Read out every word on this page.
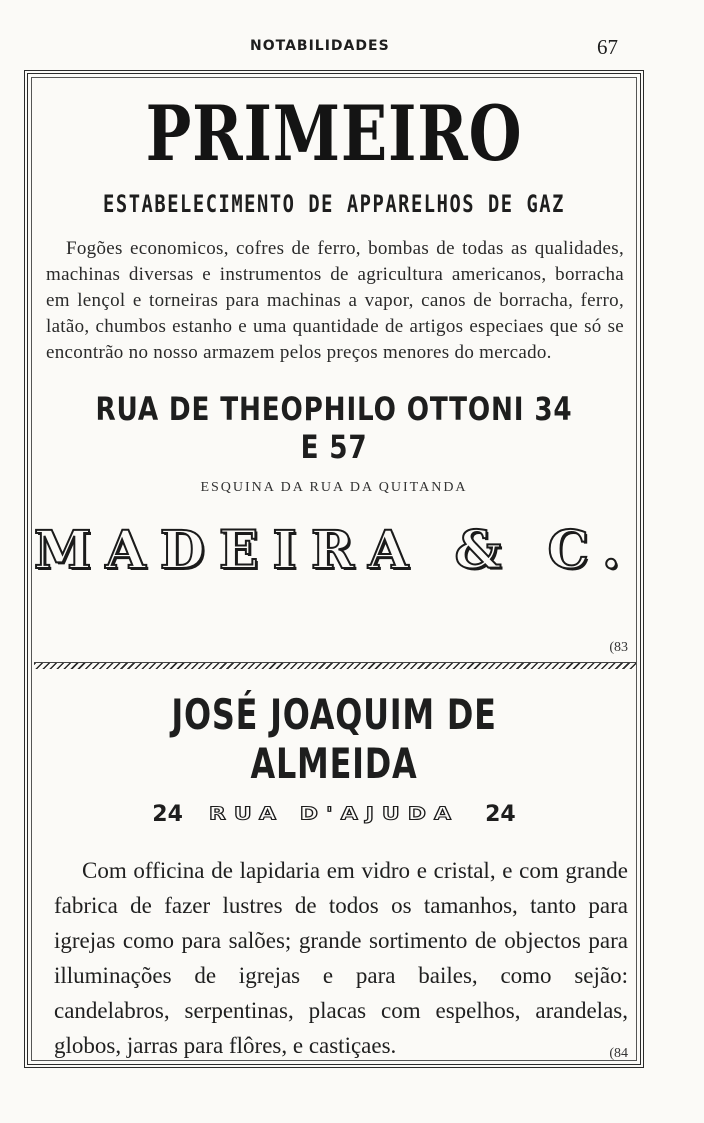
NOTABILIDADES	67
PRIMEIRO
ESTABELECIMENTO DE APPARELHOS DE GAZ

Fogões economicos, cofres de ferro, bombas de todas as qualidades, machinas diversas e instrumentos de agricultura americanos, borracha em lençol e torneiras para machinas a vapor, canos de borracha, ferro, latão, chumbos estanho e uma quantidade de artigos especiaes que só se encontrão no nosso armazem pelos preços menores do mercado.

RUA DE THEOPHILO OTTONI 34 E 57
ESQUINA DA RUA DA QUITANDA
MADEIRA & C.
(83
JOSÉ JOAQUIM DE ALMEIDA
24 RUA D'AJUDA 24

Com officina de lapidaria em vidro e cristal, e com grande fabrica de fazer lustres de todos os tamanhos, tanto para igrejas como para salões; grande sortimento de objectos para illuminações de igrejas e para bailes, como sejão: candelabros, serpentinas, placas com espelhos, arandelas, globos, jarras para flôres, e castiçaes.	(84
